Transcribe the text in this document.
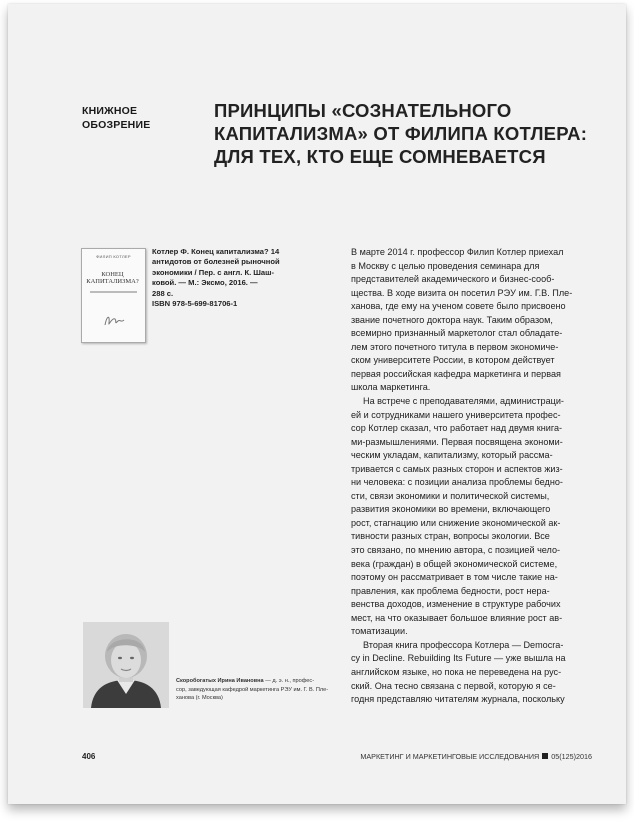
КНИЖНОЕ
ОБОЗРЕНИЕ
ПРИНЦИПЫ «СОЗНАТЕЛЬНОГО
КАПИТАЛИЗМА» ОТ ФИЛИПА КОТЛЕРА:
ДЛЯ ТЕХ, КТО ЕЩЕ СОМНЕВАЕТСЯ
ФИЛИП КОТЛЕР
КОНЕЦ
КАПИТАЛИЗМА?
Котлер Ф. Конец капитализма? 14
антидотов от болезней рыночной
экономики / Пер. с англ. К. Шаш-
ковой. — М.: Эксмо, 2016. —
288 с.
ISBN 978-5-699-81706-1
Скоробогатых Ирина Ивановна — д. э. н., профес-
сор, заведующая кафедрой маркетинга РЭУ им. Г. В. Пле-
ханова (г. Москва)
В марте 2014 г. профессор Филип Котлер приехал
в Москву с целью проведения семинара для
представителей академического и бизнес-сооб-
щества. В ходе визита он посетил РЭУ им. Г.В. Пле-
ханова, где ему на ученом совете было присвоено
звание почетного доктора наук. Таким образом,
всемирно признанный маркетолог стал обладате-
лем этого почетного титула в первом экономиче-
ском университете России, в котором действует
первая российская кафедра маркетинга и первая
школа маркетинга.
На встрече с преподавателями, администраци-
ей и сотрудниками нашего университета профес-
сор Котлер сказал, что работает над двумя книга-
ми-размышлениями. Первая посвящена экономи-
ческим укладам, капитализму, который рассма-
тривается с самых разных сторон и аспектов жиз-
ни человека: с позиции анализа проблемы бедно-
сти, связи экономики и политической системы,
развития экономики во времени, включающего
рост, стагнацию или снижение экономической ак-
тивности разных стран, вопросы экологии. Все
это связано, по мнению автора, с позицией чело-
века (граждан) в общей экономической системе,
поэтому он рассматривает в том числе такие на-
правления, как проблема бедности, рост нера-
венства доходов, изменение в структуре рабочих
мест, на что оказывает большое влияние рост ав-
томатизации.
Вторая книга профессора Котлера — Democra-
cy in Decline. Rebuilding Its Future — уже вышла на
английском языке, но пока не переведена на рус-
ский. Она тесно связана с первой, которую я се-
годня представляю читателям журнала, поскольку
406	МАРКЕТИНГ И МАРКЕТИНГОВЫЕ ИССЛЕДОВАНИЯ 05(125)2016
